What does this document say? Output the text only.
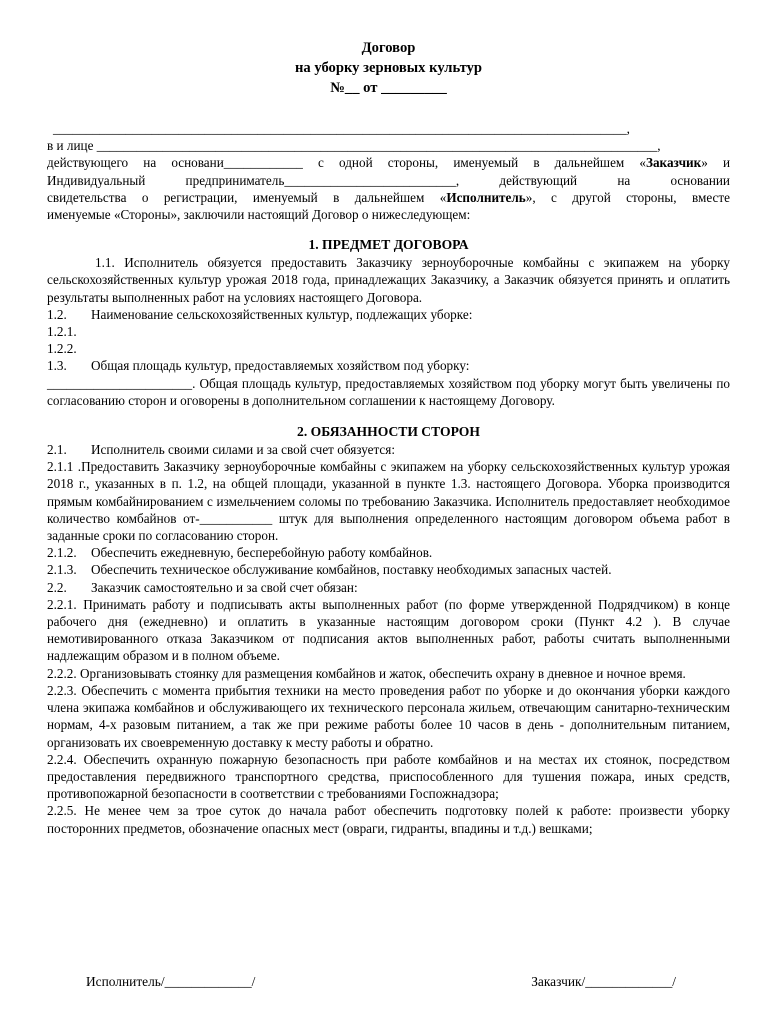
Договор
на уборку зерновых культур
№__ от _________

_______________________________________________________________________________________,

в и лице _____________________________________________________________________________________,

действующего на основани____________ с одной стороны, именуемый в дальнейшем «Заказчик» и

Индивидуальный предприниматель__________________________, действующий на основании

свидетельства о регистрации, именуемый в дальнейшем «Исполнитель», с другой стороны, вместе

именуемые «Стороны», заключили настоящий Договор о нижеследующем:

1. ПРЕДМЕТ ДОГОВОРА

1.1. Исполнитель обязуется предоставить Заказчику зерноуборочные комбайны с экипажем на уборку сельскохозяйственных культур урожая 2018 года, принадлежащих Заказчику, а Заказчик обязуется принять и оплатить результаты выполненных работ на условиях настоящего Договора.

1.2. Наименование сельскохозяйственных культур, подлежащих уборке:

1.2.1.

1.2.2.

1.3. Общая площадь культур, предоставляемых хозяйством под уборку:

______________________. Общая площадь культур, предоставляемых хозяйством под уборку могут быть увеличены по согласованию сторон и оговорены в дополнительном соглашении к настоящему Договору.

2. ОБЯЗАННОСТИ СТОРОН

2.1. Исполнитель своими силами и за свой счет обязуется:

2.1.1 .Предоставить Заказчику зерноуборочные комбайны с экипажем на уборку сельскохозяйственных культур урожая 2018 г., указанных в п. 1.2, на общей площади, указанной в пункте 1.3. настоящего Договора. Уборка производится прямым комбайнированием с измельчением соломы по требованию Заказчика. Исполнитель предоставляет необходимое количество комбайнов от-___________ штук для выполнения определенного настоящим договором объема работ в заданные сроки по согласованию сторон.

2.1.2. Обеспечить ежедневную, бесперебойную работу комбайнов.

2.1.3. Обеспечить техническое обслуживание комбайнов, поставку необходимых запасных частей.

2.2. Заказчик самостоятельно и за свой счет обязан:

2.2.1. Принимать работу и подписывать акты выполненных работ (по форме утвержденной Подрядчиком) в конце рабочего дня (ежедневно) и оплатить в указанные настоящим договором сроки (Пункт 4.2 ). В случае немотивированного отказа Заказчиком от подписания актов выполненных работ, работы считать выполненными надлежащим образом и в полном объеме.

2.2.2. Организовывать стоянку для размещения комбайнов и жаток, обеспечить охрану в дневное и ночное время.

2.2.3. Обеспечить с момента прибытия техники на место проведения работ по уборке и до окончания уборки каждого члена экипажа комбайнов и обслуживающего их технического персонала жильем, отвечающим санитарно-техническим нормам, 4-х разовым питанием, а так же при режиме работы более 10 часов в день - дополнительным питанием, организовать их своевременную доставку к месту работы и обратно.

2.2.4. Обеспечить охранную пожарную безопасность при работе комбайнов и на местах их стоянок, посредством предоставления передвижного транспортного средства, приспособленного для тушения пожара, иных средств, противопожарной безопасности в соответствии с требованиями Госпожнадзора;

2.2.5. Не менее чем за трое суток до начала работ обеспечить подготовку полей к работе: произвести уборку посторонних предметов, обозначение опасных мест (овраги, гидранты, впадины и т.д.) вешками;

Исполнитель/_____________/	Заказчик/_____________/
